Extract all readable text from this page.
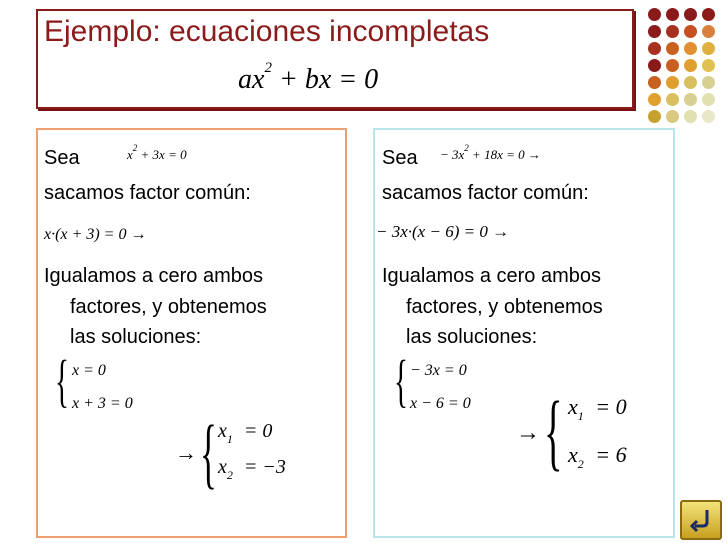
Ejemplo: ecuaciones incompletas
$ax^2$ + bx = 0
Sea	$x^2 + 3x = 0$
sacamos factor común:
x·(x + 3) = 0 →
Igualamos a cero ambos
factores, y obtenemos
las soluciones:
{ x = 0
x + 3 = 0
→ { $x_1 = 0$
$x_2 = -3$
Sea − $3x^2 + 18x = 0$ →
sacamos factor común:
− 3x·(x − 6) = 0 →
Igualamos a cero ambos
factores, y obtenemos
las soluciones:
{ − 3x = 0
x − 6 = 0
→ { $x_1 = 0$
$x_2 = 6$
